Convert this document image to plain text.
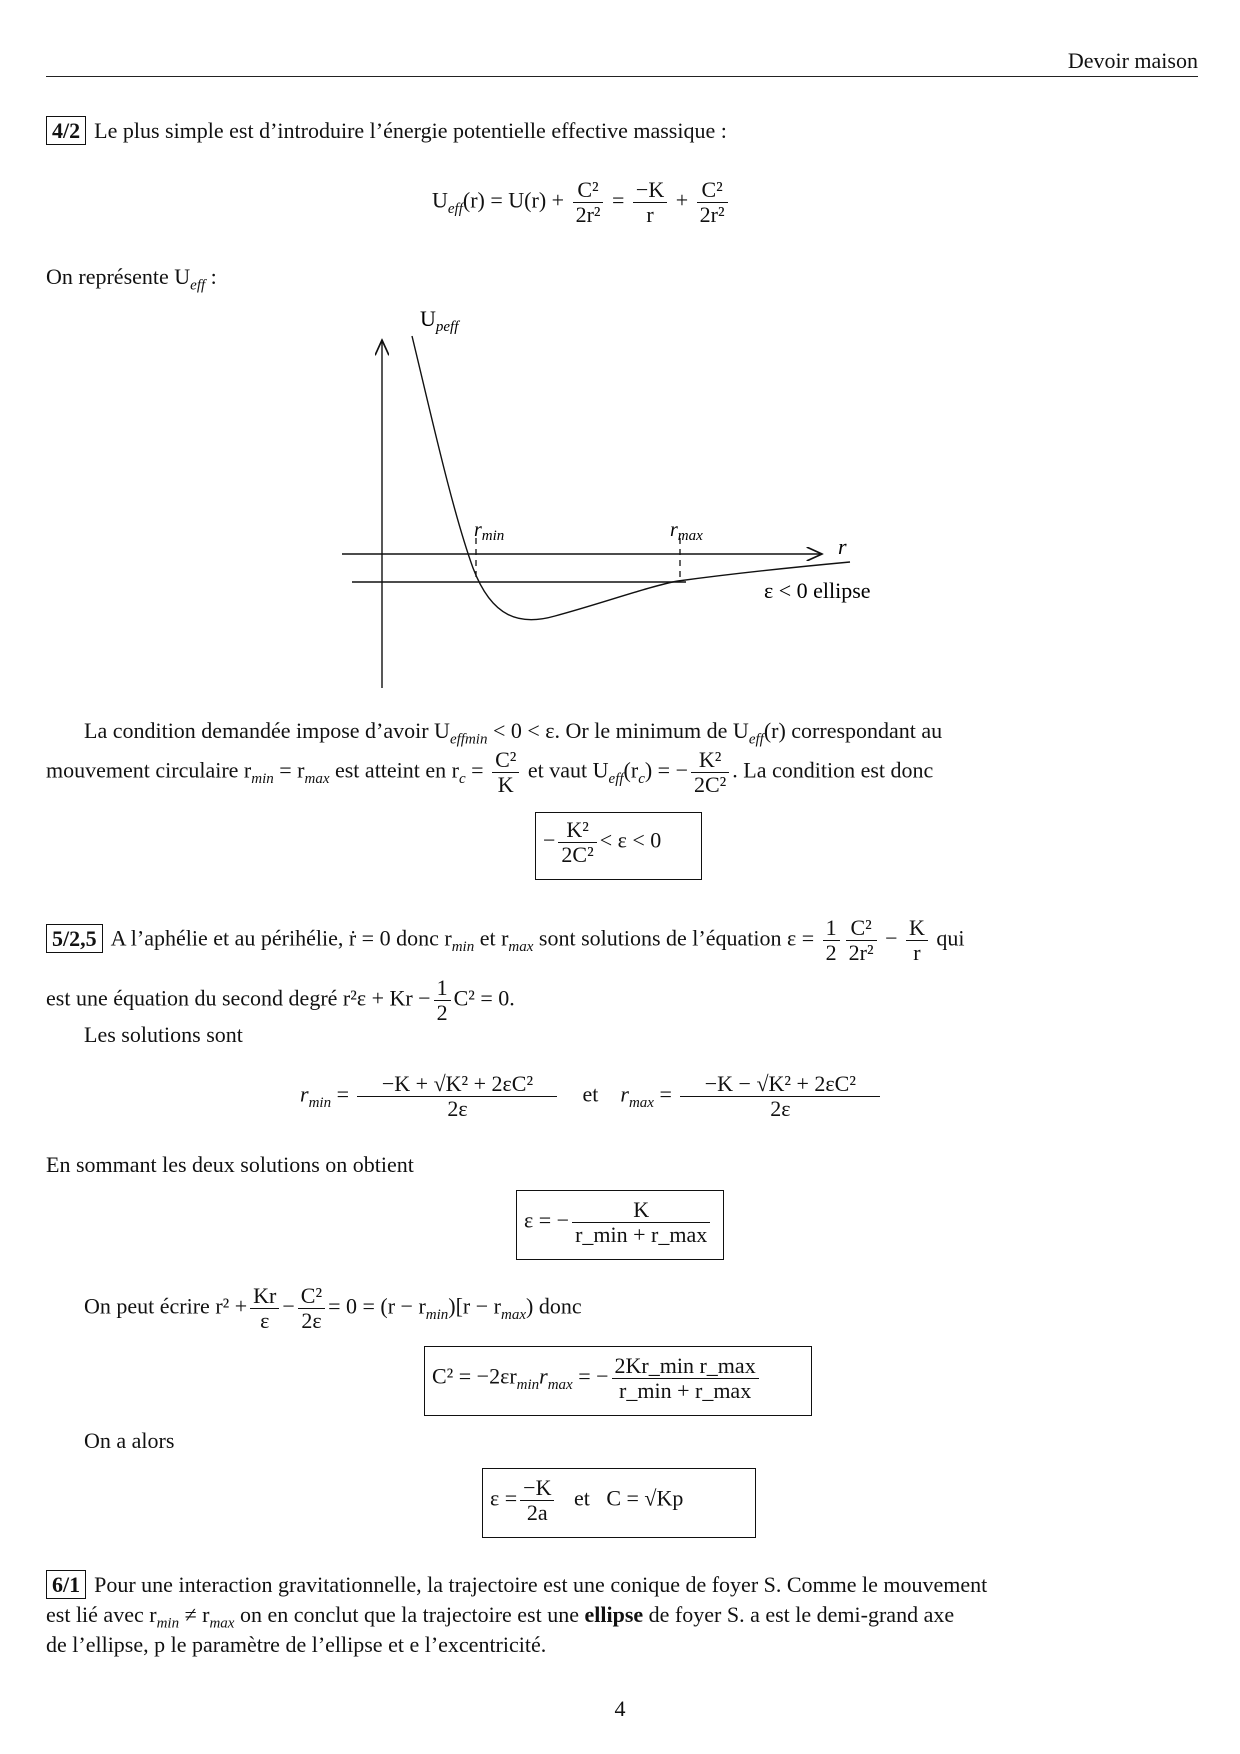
Devoir maison
4/2 Le plus simple est d’introduire l’énergie potentielle effective massique :
$U_{eff}(r) = U(r) + \frac{\text{C²}}{\text{2r²}} = \frac{-K}{r} + \frac{\text{C²}}{\text{2r²}}$
On représente $U_{eff}$ :
$U_{peff}$
r
$r_{min}$	$r_{max}$
ε < 0 ellipse
La condition demandée impose d’avoir $U_{effmin} < 0 < \varepsilon$. Or le minimum de $U_{eff}(r)$ correspondant au
mouvement circulaire $r_{min} = r_{max}$ est atteint en $r_c = \frac{\text{C²}}{K}$ et vaut $U_{eff}(r_c)$ = − $\frac{\text{K²}}{\text{2C²}}$ . La condition est donc
− $\frac{\text{K²}}{\text{2C²}} < \varepsilon < 0$
5/2,5 A l’aphélie et au périhélie, ṙ = 0 donc $r_{min}$ et $r_{max}$ sont solutions de l’équation $\varepsilon = \frac{1}{2} \frac{\text{C²}}{\text{2r²}} - \frac{K}{r}$ qui
est une équation du second degré $r^2\varepsilon + Kr - \frac{1}{2} C^2 = 0$.
Les solutions sont
$r_{min} = \frac{\text{−K + √K² + 2εC²}}{2\varepsilon}$ et $r_{max} = \frac{\text{−K − √K² + 2εC²}}{2\varepsilon}$
En sommant les deux solutions on obtient
ε = − $\frac{K}{r\_\min + r\_\max}$
On peut écrire $r^2 + \frac{Kr}{\varepsilon} - \frac{\text{C²}}{2\varepsilon} = 0 = (r - r_{min})[r - r_{max})$ donc
$C^2 = -2\varepsilon r_{min}r_{max}$ = − $\frac{\text{2Kr\_min r\_max}}{r\_\min + r\_\max}$
On a alors
$\varepsilon = \frac{-K}{2a}$ et C = √Kp
6/1 Pour une interaction gravitationnelle, la trajectoire est une conique de foyer S. Comme le mouvement
est lié avec $r_{min} \ne r_{max}$ on en conclut que la trajectoire est une ellipse de foyer S. a est le demi-grand axe
de l’ellipse, p le paramètre de l’ellipse et e l’excentricité.
4
